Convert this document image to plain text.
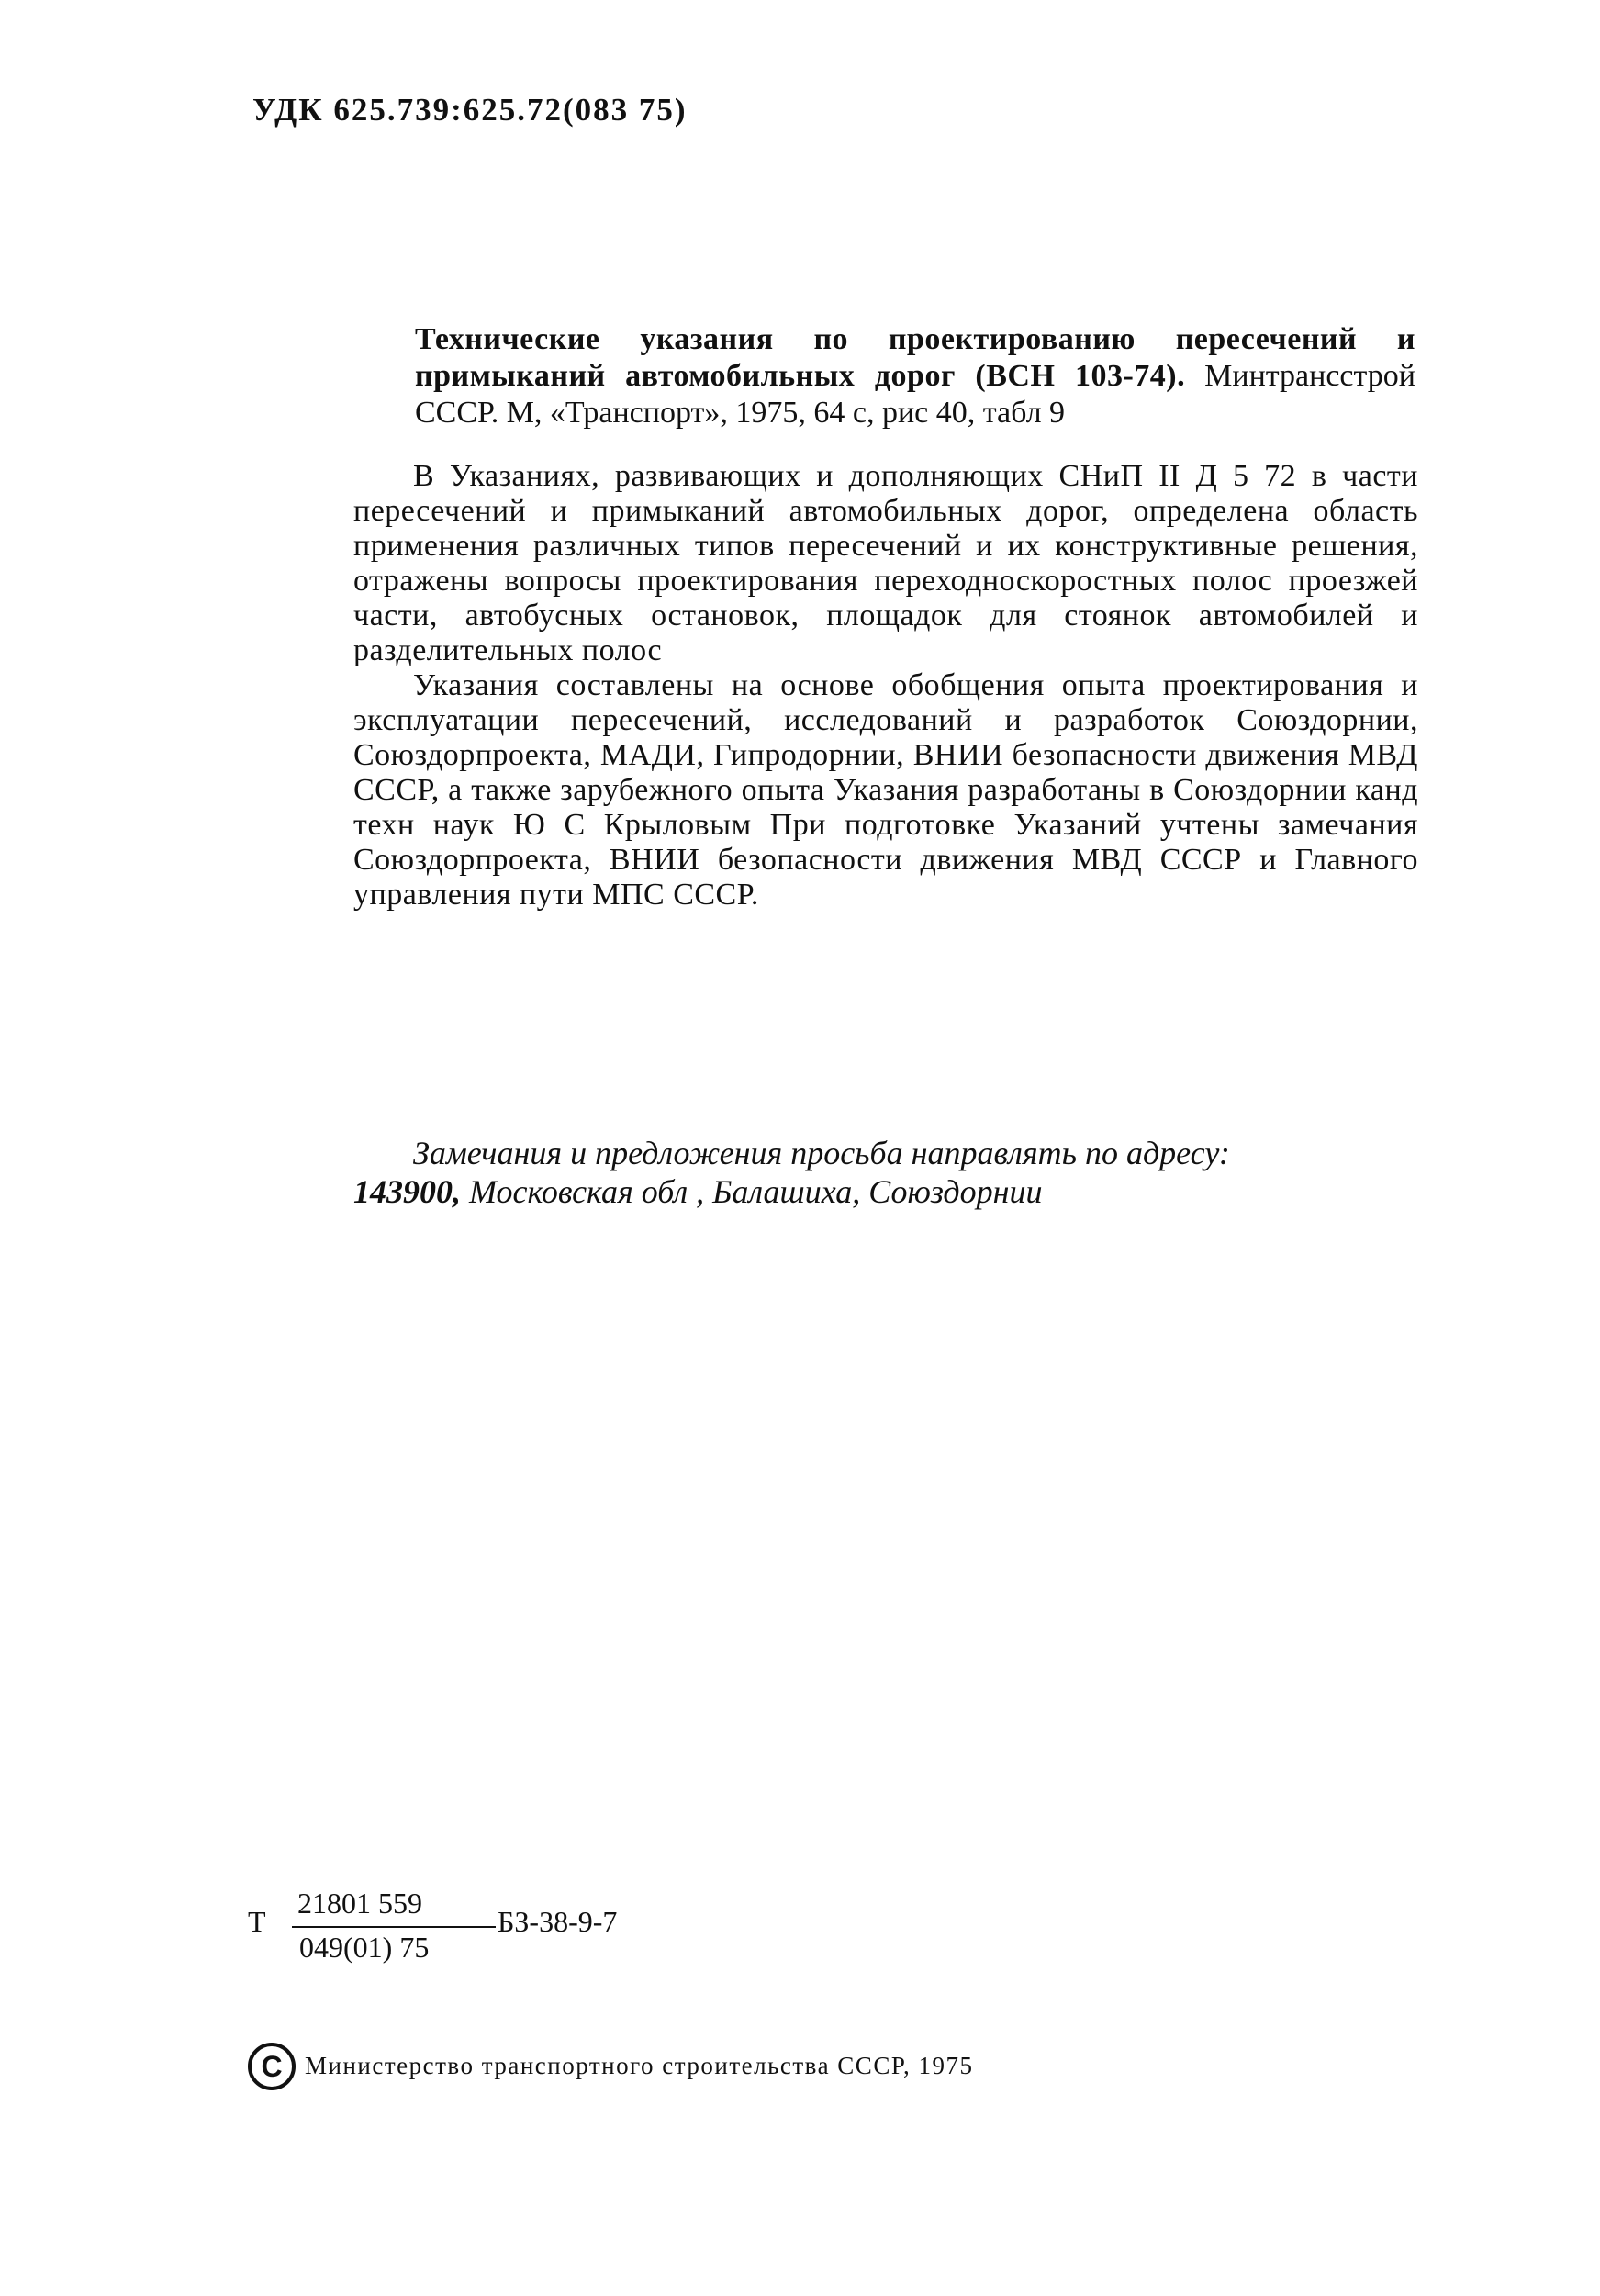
УДК 625.739:625.72(083 75)

Технические указания по проектированию пересечений и примыканий автомобильных дорог (ВСН 103-74). Минтрансстрой СССР. М, «Транспорт», 1975, 64 с, рис 40, табл 9

В Указаниях, развивающих и дополняющих СНиП II Д 5 72 в части пересечений и примыканий автомобильных дорог, определена область применения различных типов пересечений и их конструктивные решения, отражены вопросы проектирования переходноскоростных полос проезжей части, автобусных остановок, площадок для стоянок автомобилей и разделительных полос

Указания составлены на основе обобщения опыта проектирования и эксплуатации пересечений, исследований и разработок Союздорнии, Союздорпроекта, МАДИ, Гипродорнии, ВНИИ безопасности движения МВД СССР, а также зарубежного опыта Указания разработаны в Союздорнии канд техн наук Ю С Крыловым При подготовке Указаний учтены замечания Союздорпроекта, ВНИИ безопасности движения МВД СССР и Главного управления пути МПС СССР.

Замечания и предложения просьба направлять по адресу:

143900, Московская обл , Балашиха, Союздорнии
Т
21801 559
049(01) 75
БЗ-38-9-7
C Министерство транспортного строительства СССР, 1975
